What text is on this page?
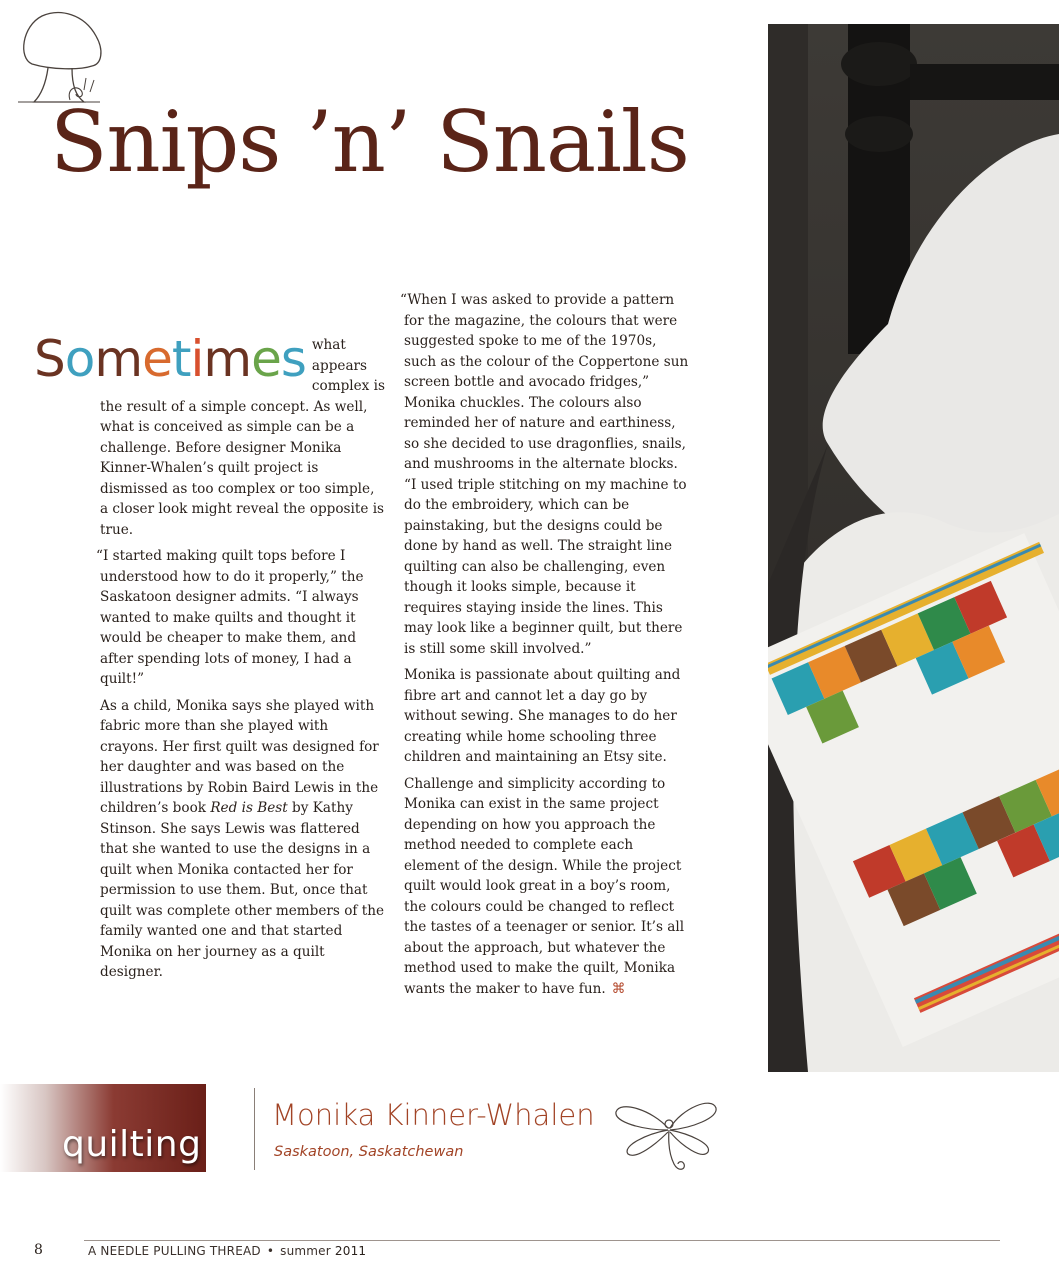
Snips ’n’ Snails

Sometimes what appears complex is the result of a simple concept. As well, what is conceived as simple can be a challenge. Before designer Monika Kinner-Whalen’s quilt project is dismissed as too complex or too simple, a closer look might reveal the opposite is true.

“I started making quilt tops before I understood how to do it properly,” the Saskatoon designer admits. “I always wanted to make quilts and thought it would be cheaper to make them, and after spending lots of money, I had a quilt!”

As a child, Monika says she played with fabric more than she played with crayons. Her first quilt was designed for her daughter and was based on the illustrations by Robin Baird Lewis in the children’s book Red is Best by Kathy Stinson. She says Lewis was flattered that she wanted to use the designs in a quilt when Monika contacted her for permission to use them. But, once that quilt was complete other members of the family wanted one and that started Monika on her journey as a quilt designer.

“When I was asked to provide a pattern for the magazine, the colours that were suggested spoke to me of the 1970s, such as the colour of the Coppertone sun screen bottle and avocado fridges,” Monika chuckles. The colours also reminded her of nature and earthiness, so she decided to use dragonflies, snails, and mushrooms in the alternate blocks. “I used triple stitching on my machine to do the embroidery, which can be painstaking, but the designs could be done by hand as well. The straight line quilting can also be challenging, even though it looks simple, because it requires staying inside the lines. This may look like a beginner quilt, but there is still some skill involved.”

Monika is passionate about quilting and fibre art and cannot let a day go by without sewing. She manages to do her creating while home schooling three children and maintaining an Etsy site.

Challenge and simplicity according to Monika can exist in the same project depending on how you approach the method needed to complete each element of the design. While the project quilt would look great in a boy’s room, the colours could be changed to reflect the tastes of a teenager or senior. It’s all about the approach, but whatever the method used to make the quilt, Monika wants the maker to have fun. ⌘

quilting
Monika Kinner-Whalen
Saskatoon, Saskatchewan
8	A NEEDLE PULLING THREAD • summer 2011
